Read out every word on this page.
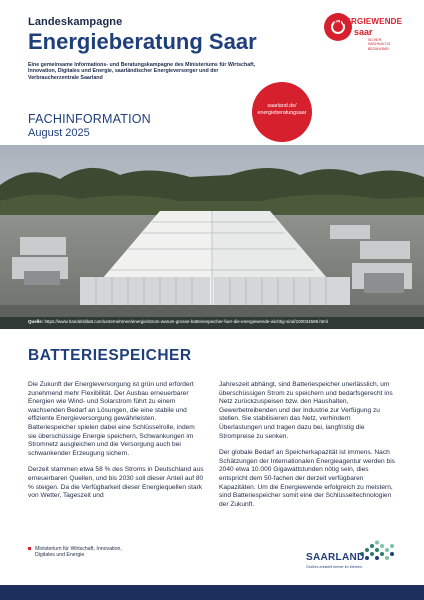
Landeskampagne
Energieberatung Saar
Eine gemeinsame Informations- und Beratungskampagne des Ministeriums für Wirtschaft, Innovation, Digitales und Energie, saarländischer Energieversorger und der Verbraucherzentrale Saarland
FACHINFORMATION
August 2025
ENERGIEWENDE
saar
SICHER. NACHHALTIG. BEZAHLBAR.
saarland.de/
energieberatungsaar
Quelle: https://www.handelsblatt.com/unternehmen/energie/strom-warum-grosse-batteriespeicher-fuer-die-energiewende-wichtig-sind/100034589.html
BATTERIESPEICHER

Die Zukunft der Energieversorgung ist grün und erfordert zunehmend mehr Flexibilität. Der Ausbau erneuerbarer Energien wie Wind- und Solarstrom führt zu einem wachsenden Bedarf an Lösungen, die eine stabile und effiziente Energieversorgung gewährleisten. Batteriespeicher spielen dabei eine Schlüsselrolle, indem sie überschüssige Energie speichern, Schwankungen im Stromnetz ausgleichen und die Versorgung auch bei schwankender Erzeugung sichern.

Derzeit stammen etwa 58 % des Stroms in Deutschland aus erneuerbaren Quellen, und bis 2030 soll dieser Anteil auf 80 % steigen. Da die Verfügbarkeit dieser Energiequellen stark von Wetter, Tageszeit und

Jahreszeit abhängt, sind Batteriespeicher unerlässlich, um überschüssigen Strom zu speichern und bedarfsgerecht ins Netz zurückzuspeisen bzw. den Haushalten, Gewerbetreibenden und der Industrie zur Verfügung zu stellen. Sie stabilisieren das Netz, verhindern Überlastungen und tragen dazu bei, langfristig die Strompreise zu senken.

Der globale Bedarf an Speicherkapazität ist immens. Nach Schätzungen der Internationalen Energieagentur werden bis 2040 etwa 10.000 Gigawattstunden nötig sein, dies entspricht dem 50-fachen der derzeit verfügbaren Kapazitäten. Um die Energiewende erfolgreich zu meistern, sind Batteriespeicher somit eine der Schlüsseltechnologien der Zukunft.

Ministerium für Wirtschaft, Innovation, Digitales und Energie	SAARLAND
Großes entsteht immer im Kleinen.
